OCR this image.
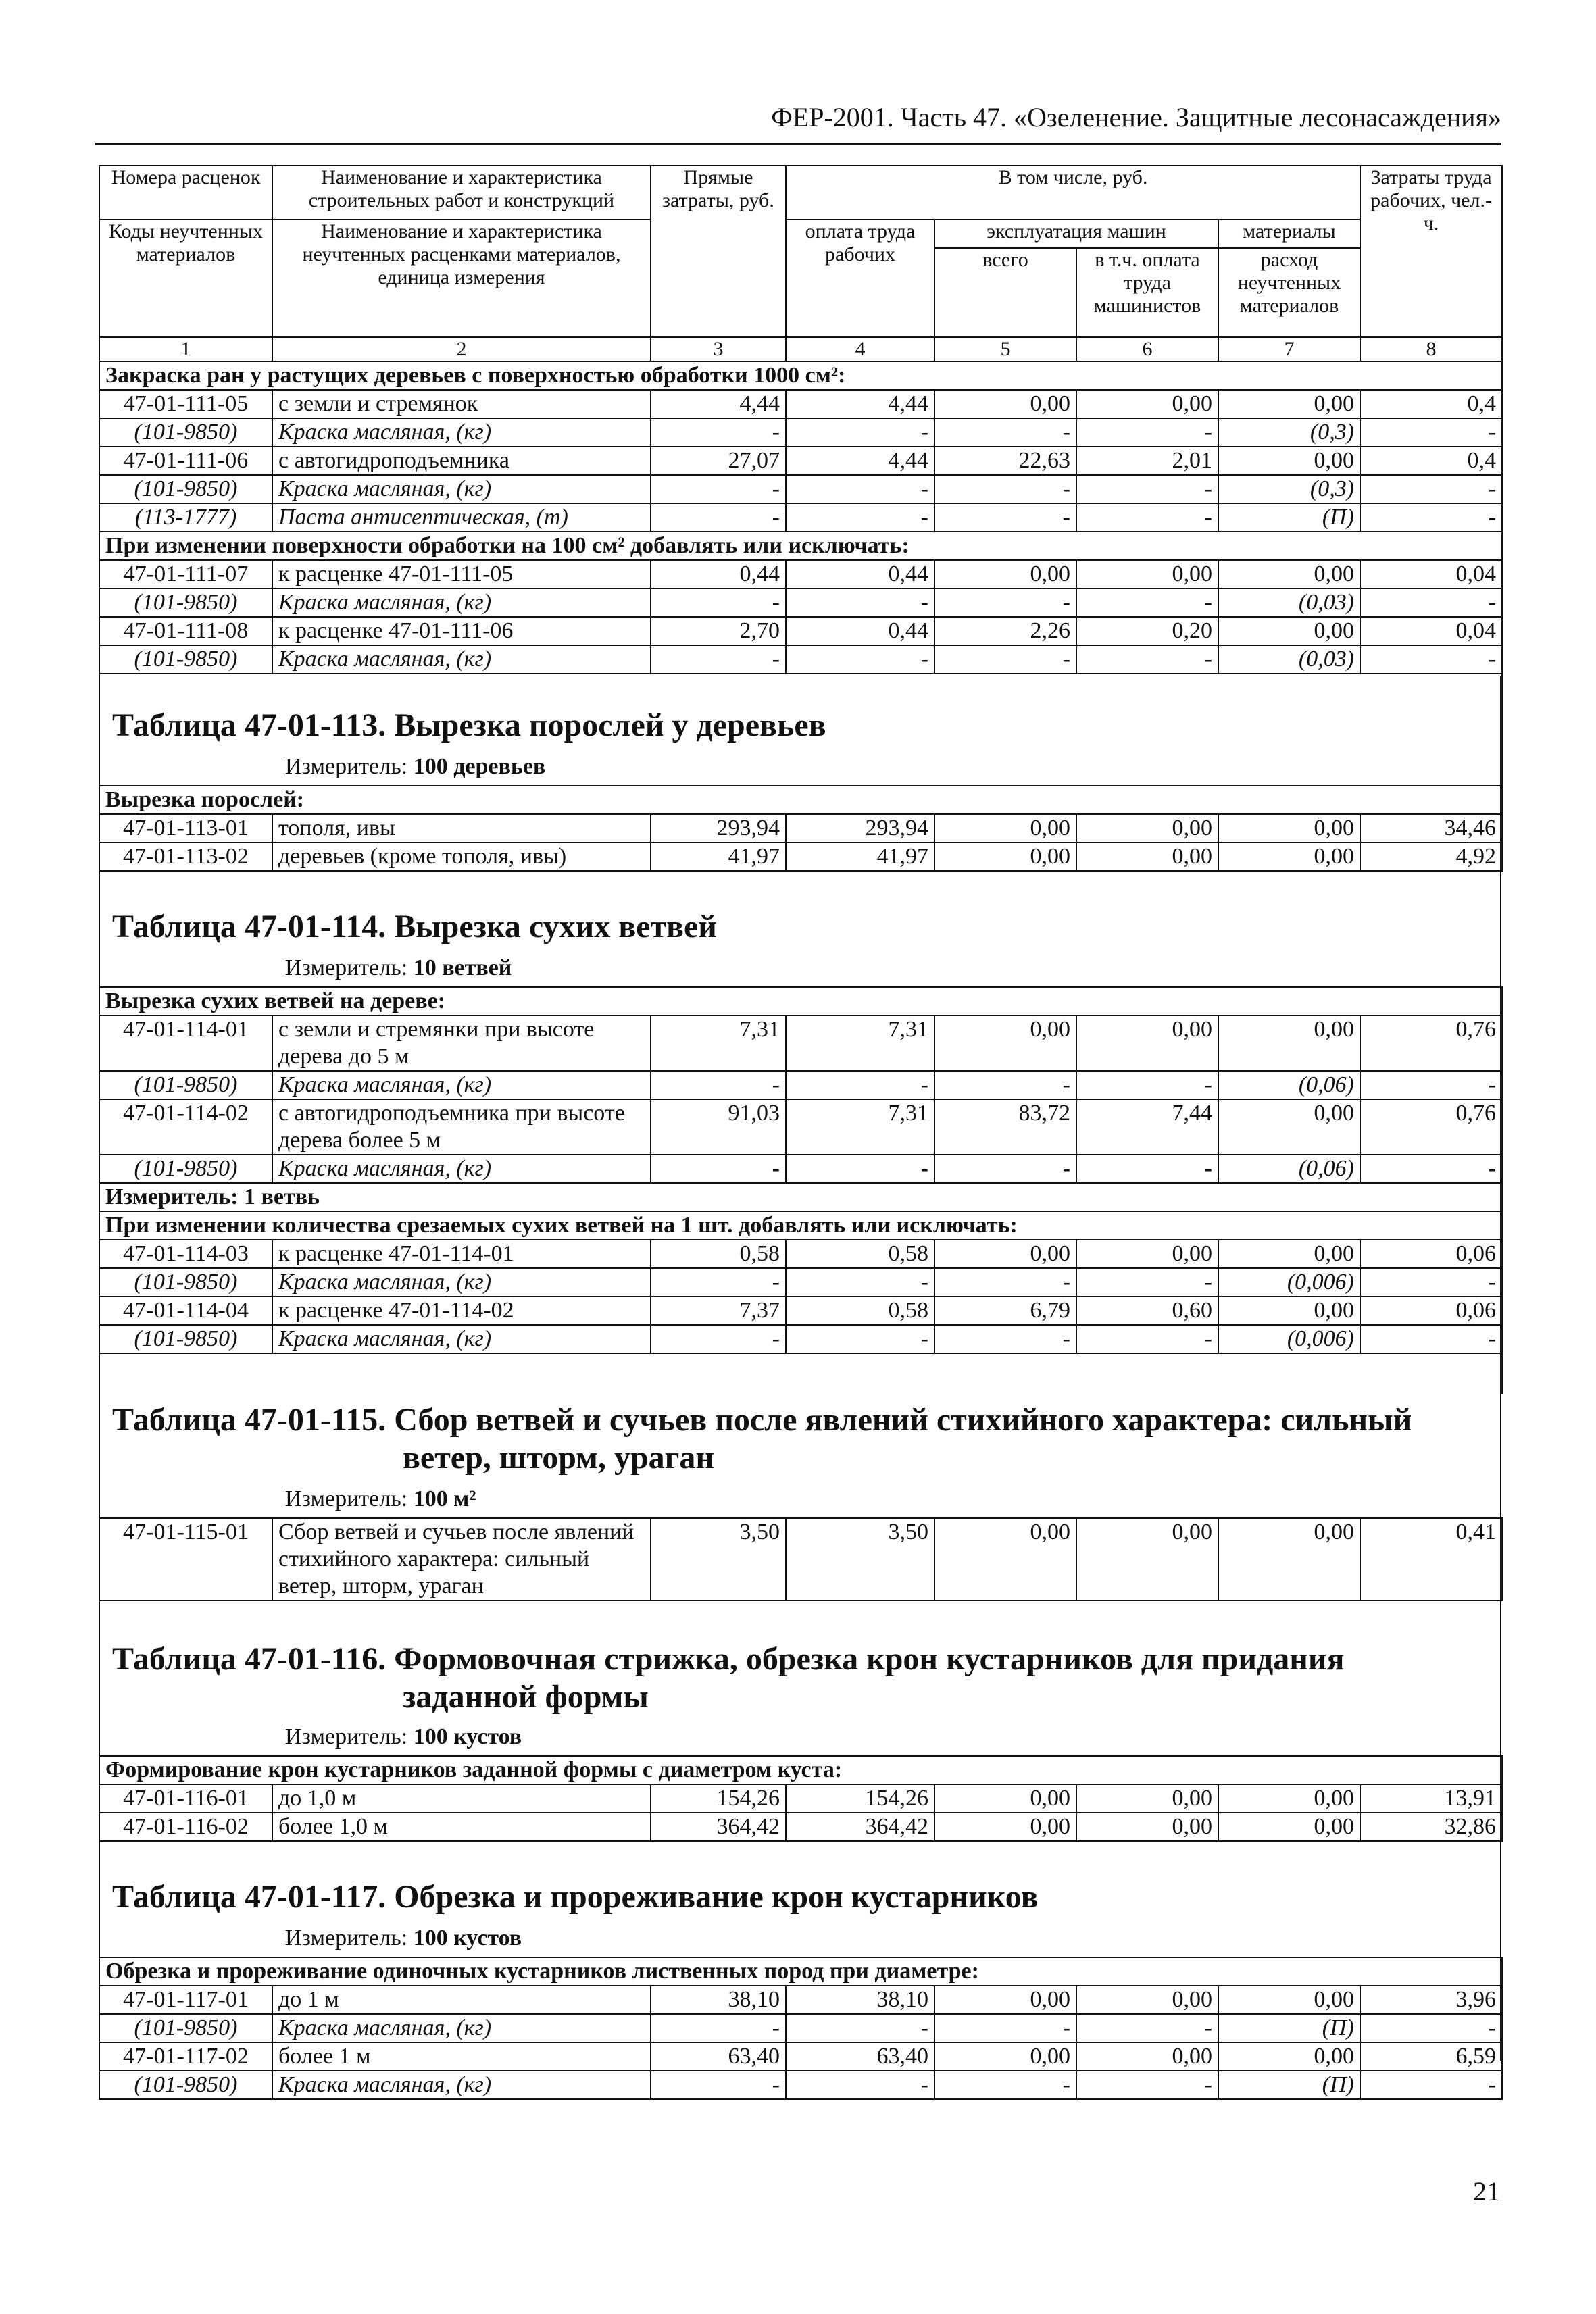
ФЕР-2001. Часть 47. «Озеленение. Защитные лесонасаждения»
Номера расценок	Наименование и характеристика строительных работ и конструкций	Прямые затраты, руб.	В том числе, руб.				Затраты труда рабочих, чел.-ч.
Коды неучтенных материалов	Наименование и характеристика неучтенных расценками материалов, единица измерения		оплата труда рабочих	эксплуатация машин		материалы	
				всего	в т.ч. оплата труда машинистов	расход неучтенных материалов	
1	2	3	4	5	6	7	8
Закраска ран у растущих деревьев с поверхностью обработки 1000 см²:							
47-01-111-05	с земли и стремянок	4,44	4,44	0,00	0,00	0,00	0,4
(101-9850)	Краска масляная, (кг)	-	-	-	-	(0,3)	-
47-01-111-06	с автогидроподъемника	27,07	4,44	22,63	2,01	0,00	0,4
(101-9850)	Краска масляная, (кг)	-	-	-	-	(0,3)	-
(113-1777)	Паста антисептическая, (т)	-	-	-	-	(П)	-
При изменении поверхности обработки на 100 см² добавлять или исключать:							
47-01-111-07	к расценке 47-01-111-05	0,44	0,44	0,00	0,00	0,00	0,04
(101-9850)	Краска масляная, (кг)	-	-	-	-	(0,03)	-
47-01-111-08	к расценке 47-01-111-06	2,70	0,44	2,26	0,20	0,00	0,04
(101-9850)	Краска масляная, (кг)	-	-	-	-	(0,03)	-

Таблица 47-01-113. Вырезка порослей у деревьев
Измеритель: 100 деревьев
Вырезка порослей:							
47-01-113-01	тополя, ивы	293,94	293,94	0,00	0,00	0,00	34,46
47-01-113-02	деревьев (кроме тополя, ивы)	41,97	41,97	0,00	0,00	0,00	4,92
Таблица 47-01-114. Вырезка сухих ветвей
Измеритель: 10 ветвей
Вырезка сухих ветвей на дереве:							
47-01-114-01	с земли и стремянки при высоте дерева до 5 м	7,31	7,31	0,00	0,00	0,00	0,76
(101-9850)	Краска масляная, (кг)	-	-	-	-	(0,06)	-
47-01-114-02	с автогидроподъемника при высоте дерева более 5 м	91,03	7,31	83,72	7,44	0,00	0,76
(101-9850)	Краска масляная, (кг)	-	-	-	-	(0,06)	-
Измеритель: 1 ветвь							
При изменении количества срезаемых сухих ветвей на 1 шт. добавлять или исключать:							
47-01-114-03	к расценке 47-01-114-01	0,58	0,58	0,00	0,00	0,00	0,06
(101-9850)	Краска масляная, (кг)	-	-	-	-	(0,006)	-
47-01-114-04	к расценке 47-01-114-02	7,37	0,58	6,79	0,60	0,00	0,06
(101-9850)	Краска масляная, (кг)	-	-	-	-	(0,006)	-

Таблица 47-01-115. Сбор ветвей и сучьев после явлений стихийного характера: сильный
ветер, шторм, ураган
Измеритель: 100 м²
47-01-115-01	Сбор ветвей и сучьев после явлений стихийного характера: сильный ветер, шторм, ураган	3,50	3,50	0,00	0,00	0,00	0,41
Таблица 47-01-116. Формовочная стрижка, обрезка крон кустарников для придания
заданной формы
Измеритель: 100 кустов
Формирование крон кустарников заданной формы с диаметром куста:							
47-01-116-01	до 1,0 м	154,26	154,26	0,00	0,00	0,00	13,91
47-01-116-02	более 1,0 м	364,42	364,42	0,00	0,00	0,00	32,86
Таблица 47-01-117. Обрезка и прореживание крон кустарников
Измеритель: 100 кустов
Обрезка и прореживание одиночных кустарников лиственных пород при диаметре:							
47-01-117-01	до 1 м	38,10	38,10	0,00	0,00	0,00	3,96
(101-9850)	Краска масляная, (кг)	-	-	-	-	(П)	-
47-01-117-02	более 1 м	63,40	63,40	0,00	0,00	0,00	6,59
(101-9850)	Краска масляная, (кг)	-	-	-	-	(П)	-
21
